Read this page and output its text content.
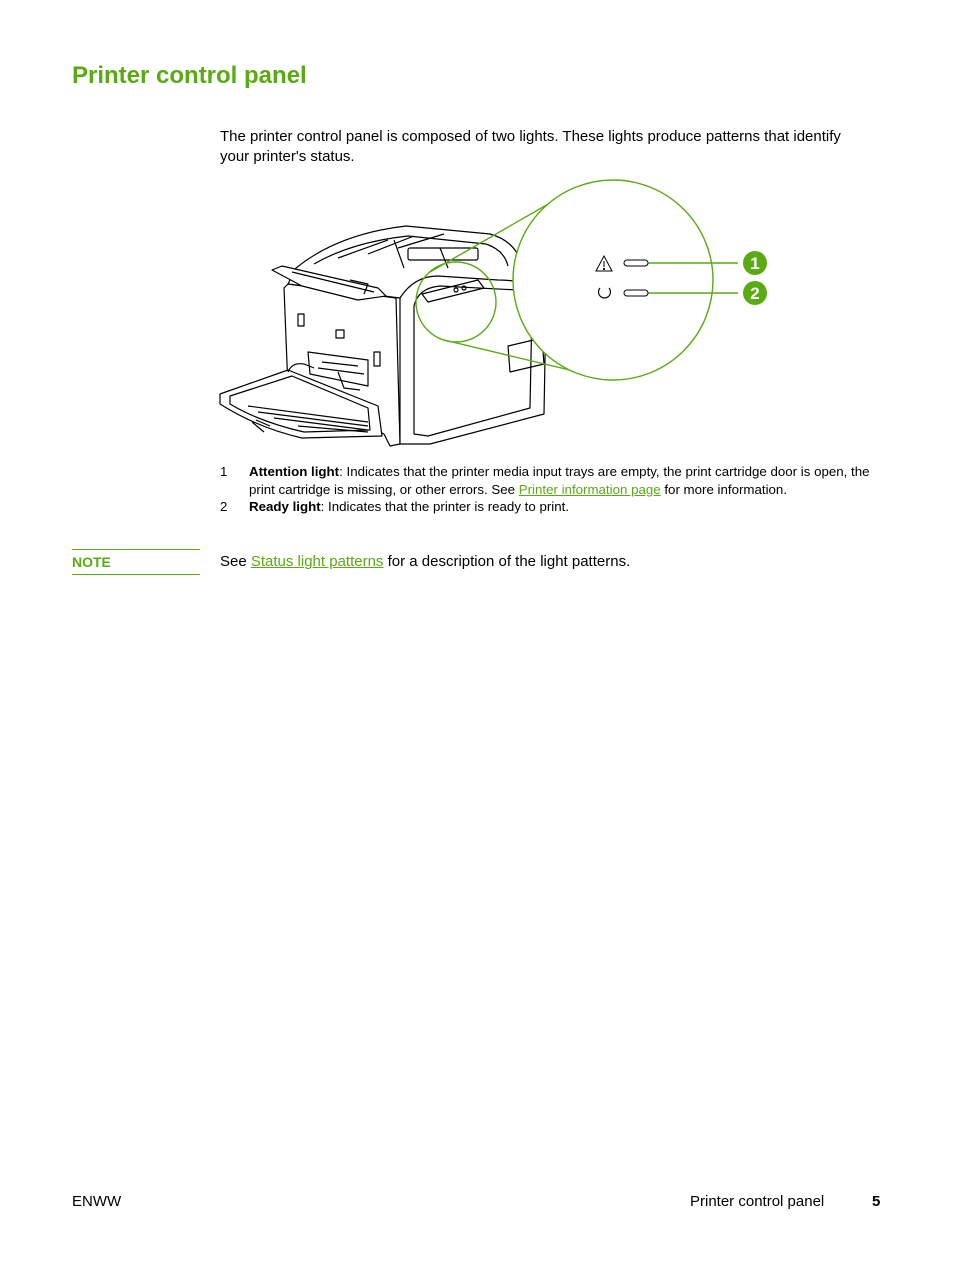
Printer control panel

The printer control panel is composed of two lights. These lights produce patterns that identify your printer's status.

1
2
1 Attention light: Indicates that the printer media input trays are empty, the print cartridge door is open, the print cartridge is missing, or other errors. See Printer information page for more information.
2 Ready light: Indicates that the printer is ready to print.
NOTE	See Status light patterns for a description of the light patterns.

ENWW	Printer control panel	5
